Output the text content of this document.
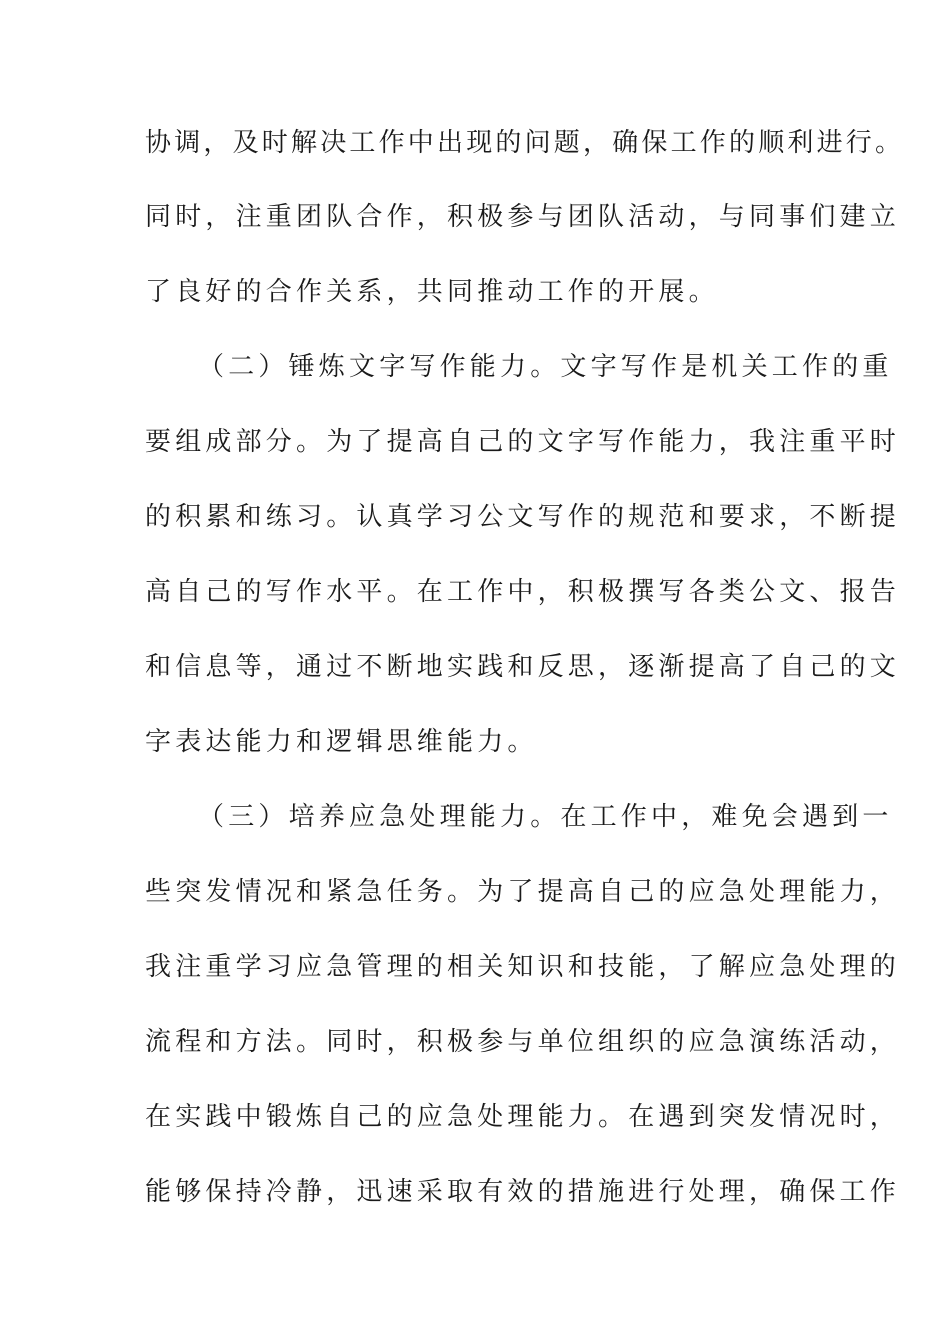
协调，及时解决工作中出现的问题，确保工作的顺利进行。
同时，注重团队合作，积极参与团队活动，与同事们建立
了良好的合作关系，共同推动工作的开展。
（二）锤炼文字写作能力。文字写作是机关工作的重
要组成部分。为了提高自己的文字写作能力，我注重平时
的积累和练习。认真学习公文写作的规范和要求，不断提
高自己的写作水平。在工作中，积极撰写各类公文、报告
和信息等，通过不断地实践和反思，逐渐提高了自己的文
字表达能力和逻辑思维能力。
（三）培养应急处理能力。在工作中，难免会遇到一
些突发情况和紧急任务。为了提高自己的应急处理能力，
我注重学习应急管理的相关知识和技能，了解应急处理的
流程和方法。同时，积极参与单位组织的应急演练活动，
在实践中锻炼自己的应急处理能力。在遇到突发情况时，
能够保持冷静，迅速采取有效的措施进行处理，确保工作
